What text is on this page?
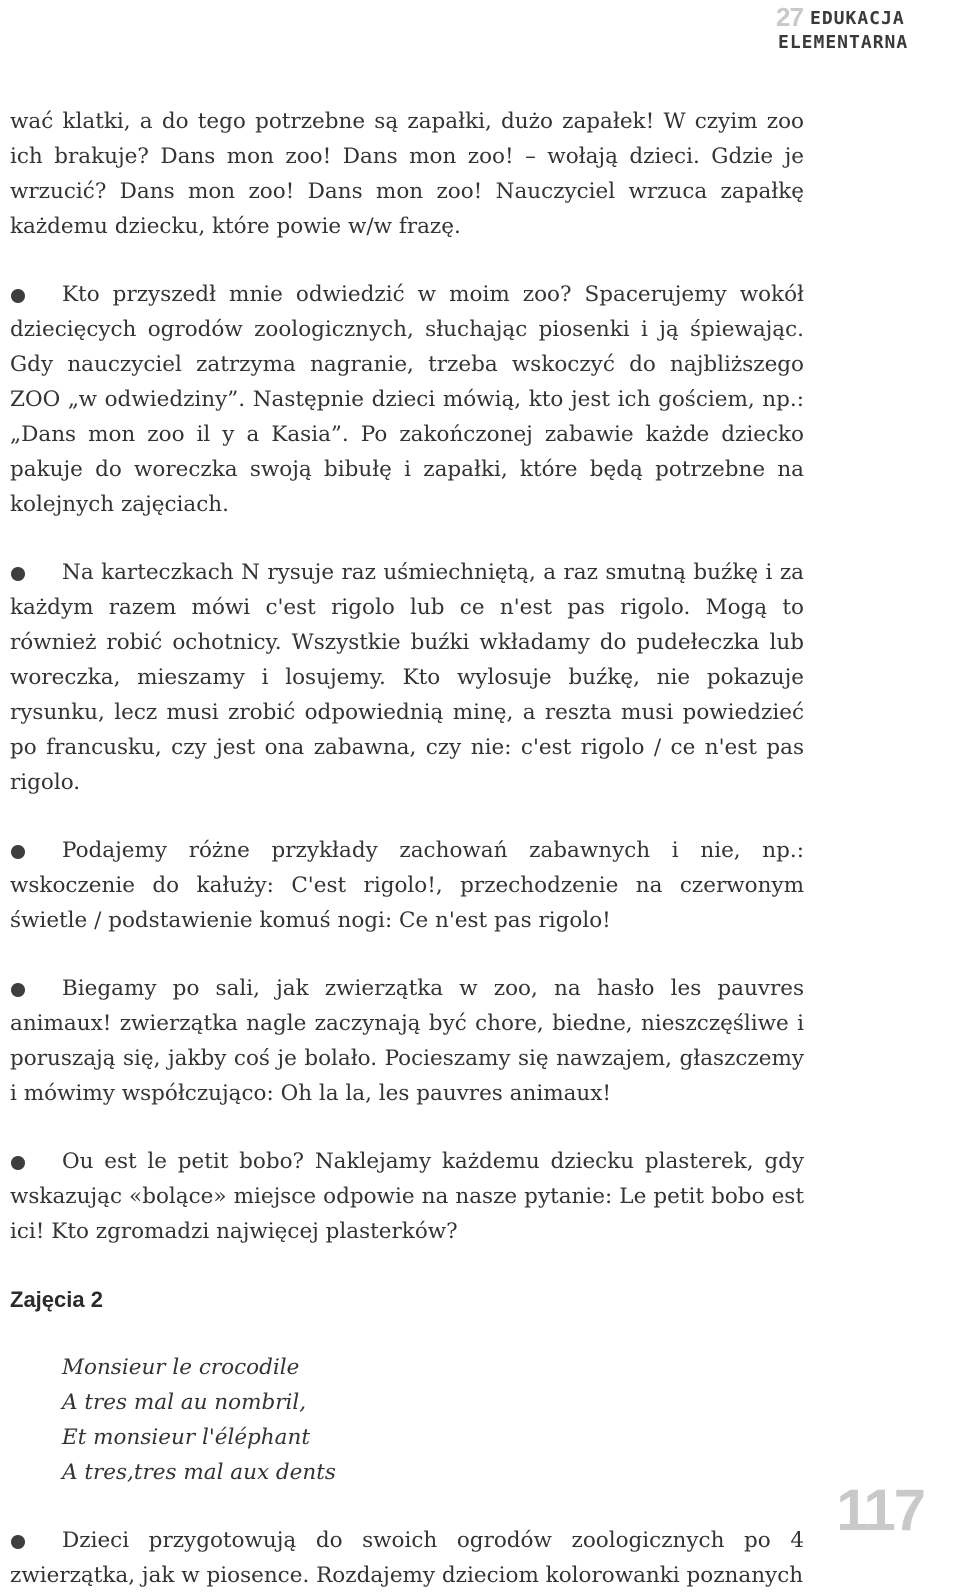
27 EDUKACJA
ELEMENTARNA

wać klatki, a do tego potrzebne są zapałki, dużo zapałek! W czyim zoo ich brakuje? Dans mon zoo! Dans mon zoo! – wołają dzieci. Gdzie je wrzucić? Dans mon zoo! Dans mon zoo! Nauczyciel wrzuca zapałkę każdemu dziecku, które powie w/w frazę.

Kto przyszedł mnie odwiedzić w moim zoo? Spacerujemy wokół dziecięcych ogrodów zoologicznych, słuchając piosenki i ją śpiewając. Gdy nauczyciel zatrzyma nagranie, trzeba wskoczyć do najbliższego ZOO „w odwiedziny”. Następnie dzieci mówią, kto jest ich gościem, np.: „Dans mon zoo il y a Kasia”. Po zakończonej zabawie każde dziecko pakuje do woreczka swoją bibułę i zapałki, które będą potrzebne na kolejnych zajęciach.

Na karteczkach N rysuje raz uśmiechniętą, a raz smutną buźkę i za każdym razem mówi c'est rigolo lub ce n'est pas rigolo. Mogą to również robić ochotnicy. Wszystkie buźki wkładamy do pudełeczka lub woreczka, mieszamy i losujemy. Kto wylosuje buźkę, nie pokazuje rysunku, lecz musi zrobić odpowiednią minę, a reszta musi powiedzieć po francusku, czy jest ona zabawna, czy nie: c'est rigolo / ce n'est pas rigolo.

Podajemy różne przykłady zachowań zabawnych i nie, np.: wskoczenie do kałuży: C'est rigolo!, przechodzenie na czerwonym świetle / podstawienie komuś nogi: Ce n'est pas rigolo!

Biegamy po sali, jak zwierzątka w zoo, na hasło les pauvres animaux! zwierzątka nagle zaczynają być chore, biedne, nieszczęśliwe i poruszają się, jakby coś je bolało. Pocieszamy się nawzajem, głaszczemy i mówimy współczująco: Oh la la, les pauvres animaux!

Ou est le petit bobo? Naklejamy każdemu dziecku plasterek, gdy wskazując «bolące» miejsce odpowie na nasze pytanie: Le petit bobo est ici! Kto zgromadzi najwięcej plasterków?

Zajęcia 2

Monsieur le crocodile
A tres mal au nombril,
Et monsieur l'éléphant
A tres,tres mal aux dents

Dzieci przygotowują do swoich ogrodów zoologicznych po 4 zwierzątka, jak w piosence. Rozdajemy dzieciom kolorowanki poznanych

117
